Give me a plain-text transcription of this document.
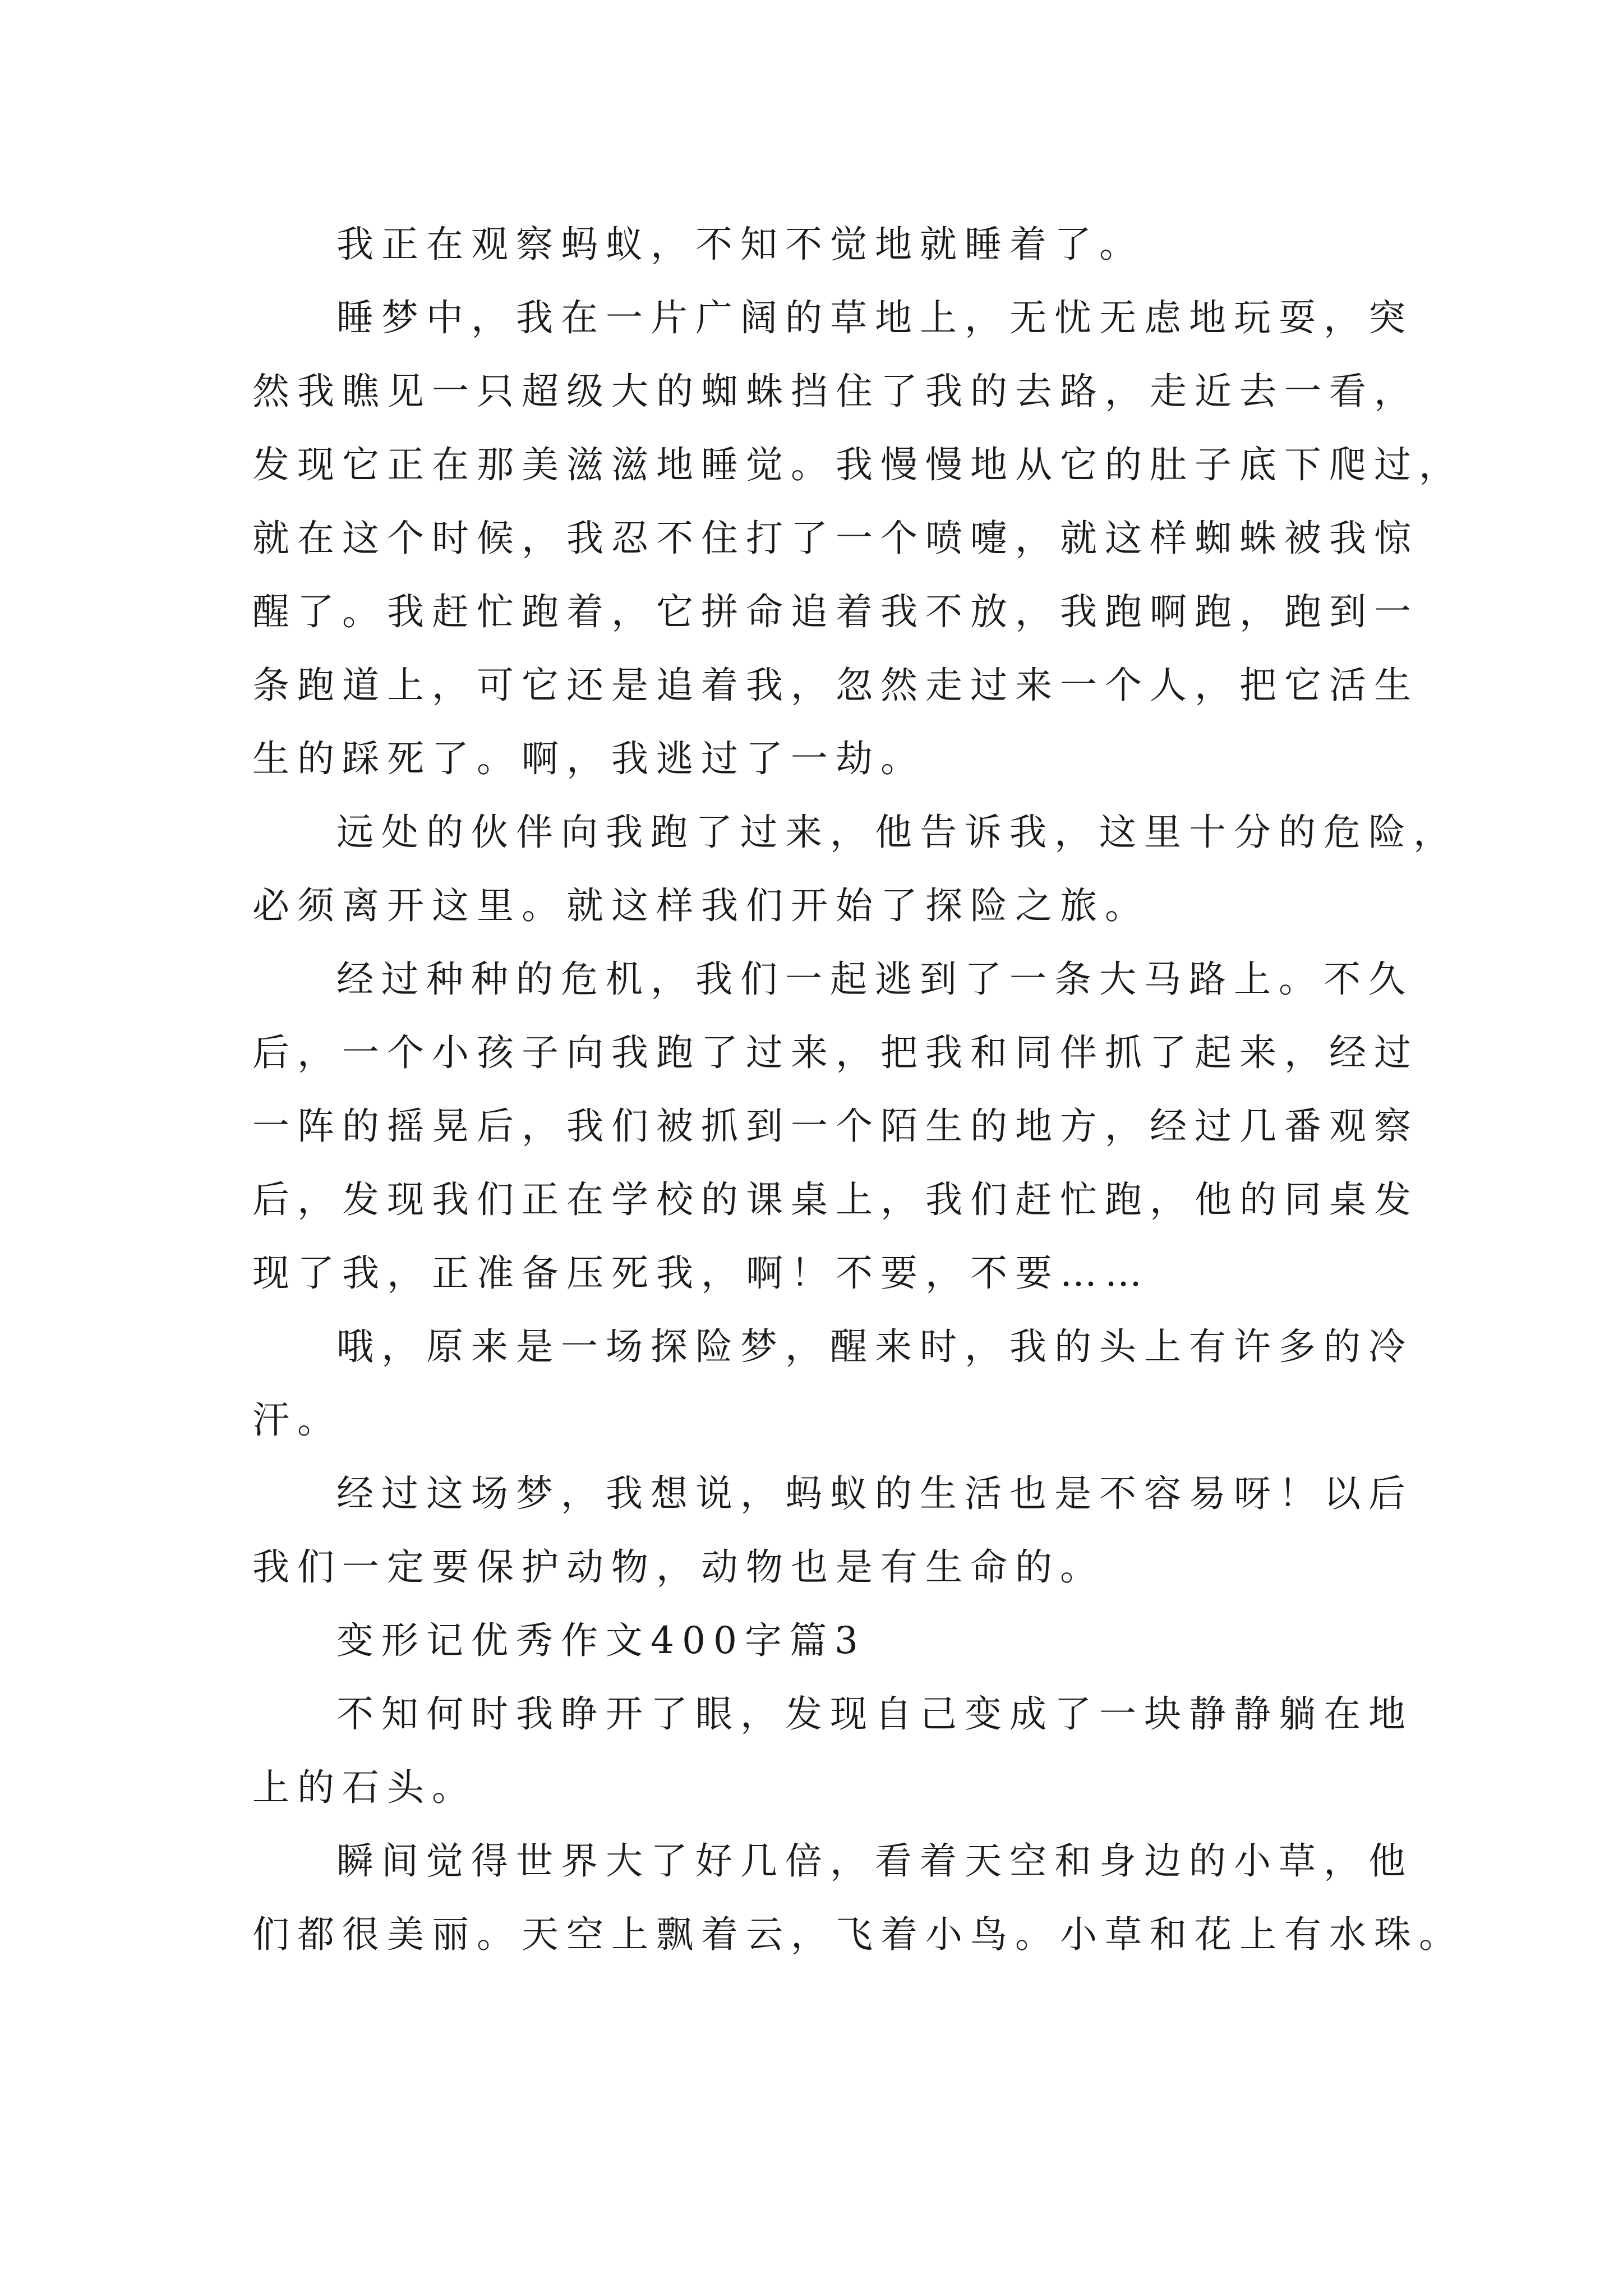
我正在观察蚂蚁，不知不觉地就睡着了。
睡梦中，我在一片广阔的草地上，无忧无虑地玩耍，突
然我瞧见一只超级大的蜘蛛挡住了我的去路，走近去一看，
发现它正在那美滋滋地睡觉。我慢慢地从它的肚子底下爬过，
就在这个时候，我忍不住打了一个喷嚏，就这样蜘蛛被我惊
醒了。我赶忙跑着，它拼命追着我不放，我跑啊跑，跑到一
条跑道上，可它还是追着我，忽然走过来一个人，把它活生
生的踩死了。啊，我逃过了一劫。
远处的伙伴向我跑了过来，他告诉我，这里十分的危险，
必须离开这里。就这样我们开始了探险之旅。
经过种种的危机，我们一起逃到了一条大马路上。不久
后，一个小孩子向我跑了过来，把我和同伴抓了起来，经过
一阵的摇晃后，我们被抓到一个陌生的地方，经过几番观察
后，发现我们正在学校的课桌上，我们赶忙跑，他的同桌发
现了我，正准备压死我，啊！不要，不要……
哦，原来是一场探险梦，醒来时，我的头上有许多的冷
汗。
经过这场梦，我想说，蚂蚁的生活也是不容易呀！以后
我们一定要保护动物，动物也是有生命的。
变形记优秀作文400字篇3
不知何时我睁开了眼，发现自己变成了一块静静躺在地
上的石头。
瞬间觉得世界大了好几倍，看着天空和身边的小草，他
们都很美丽。天空上飘着云，飞着小鸟。小草和花上有水珠。
